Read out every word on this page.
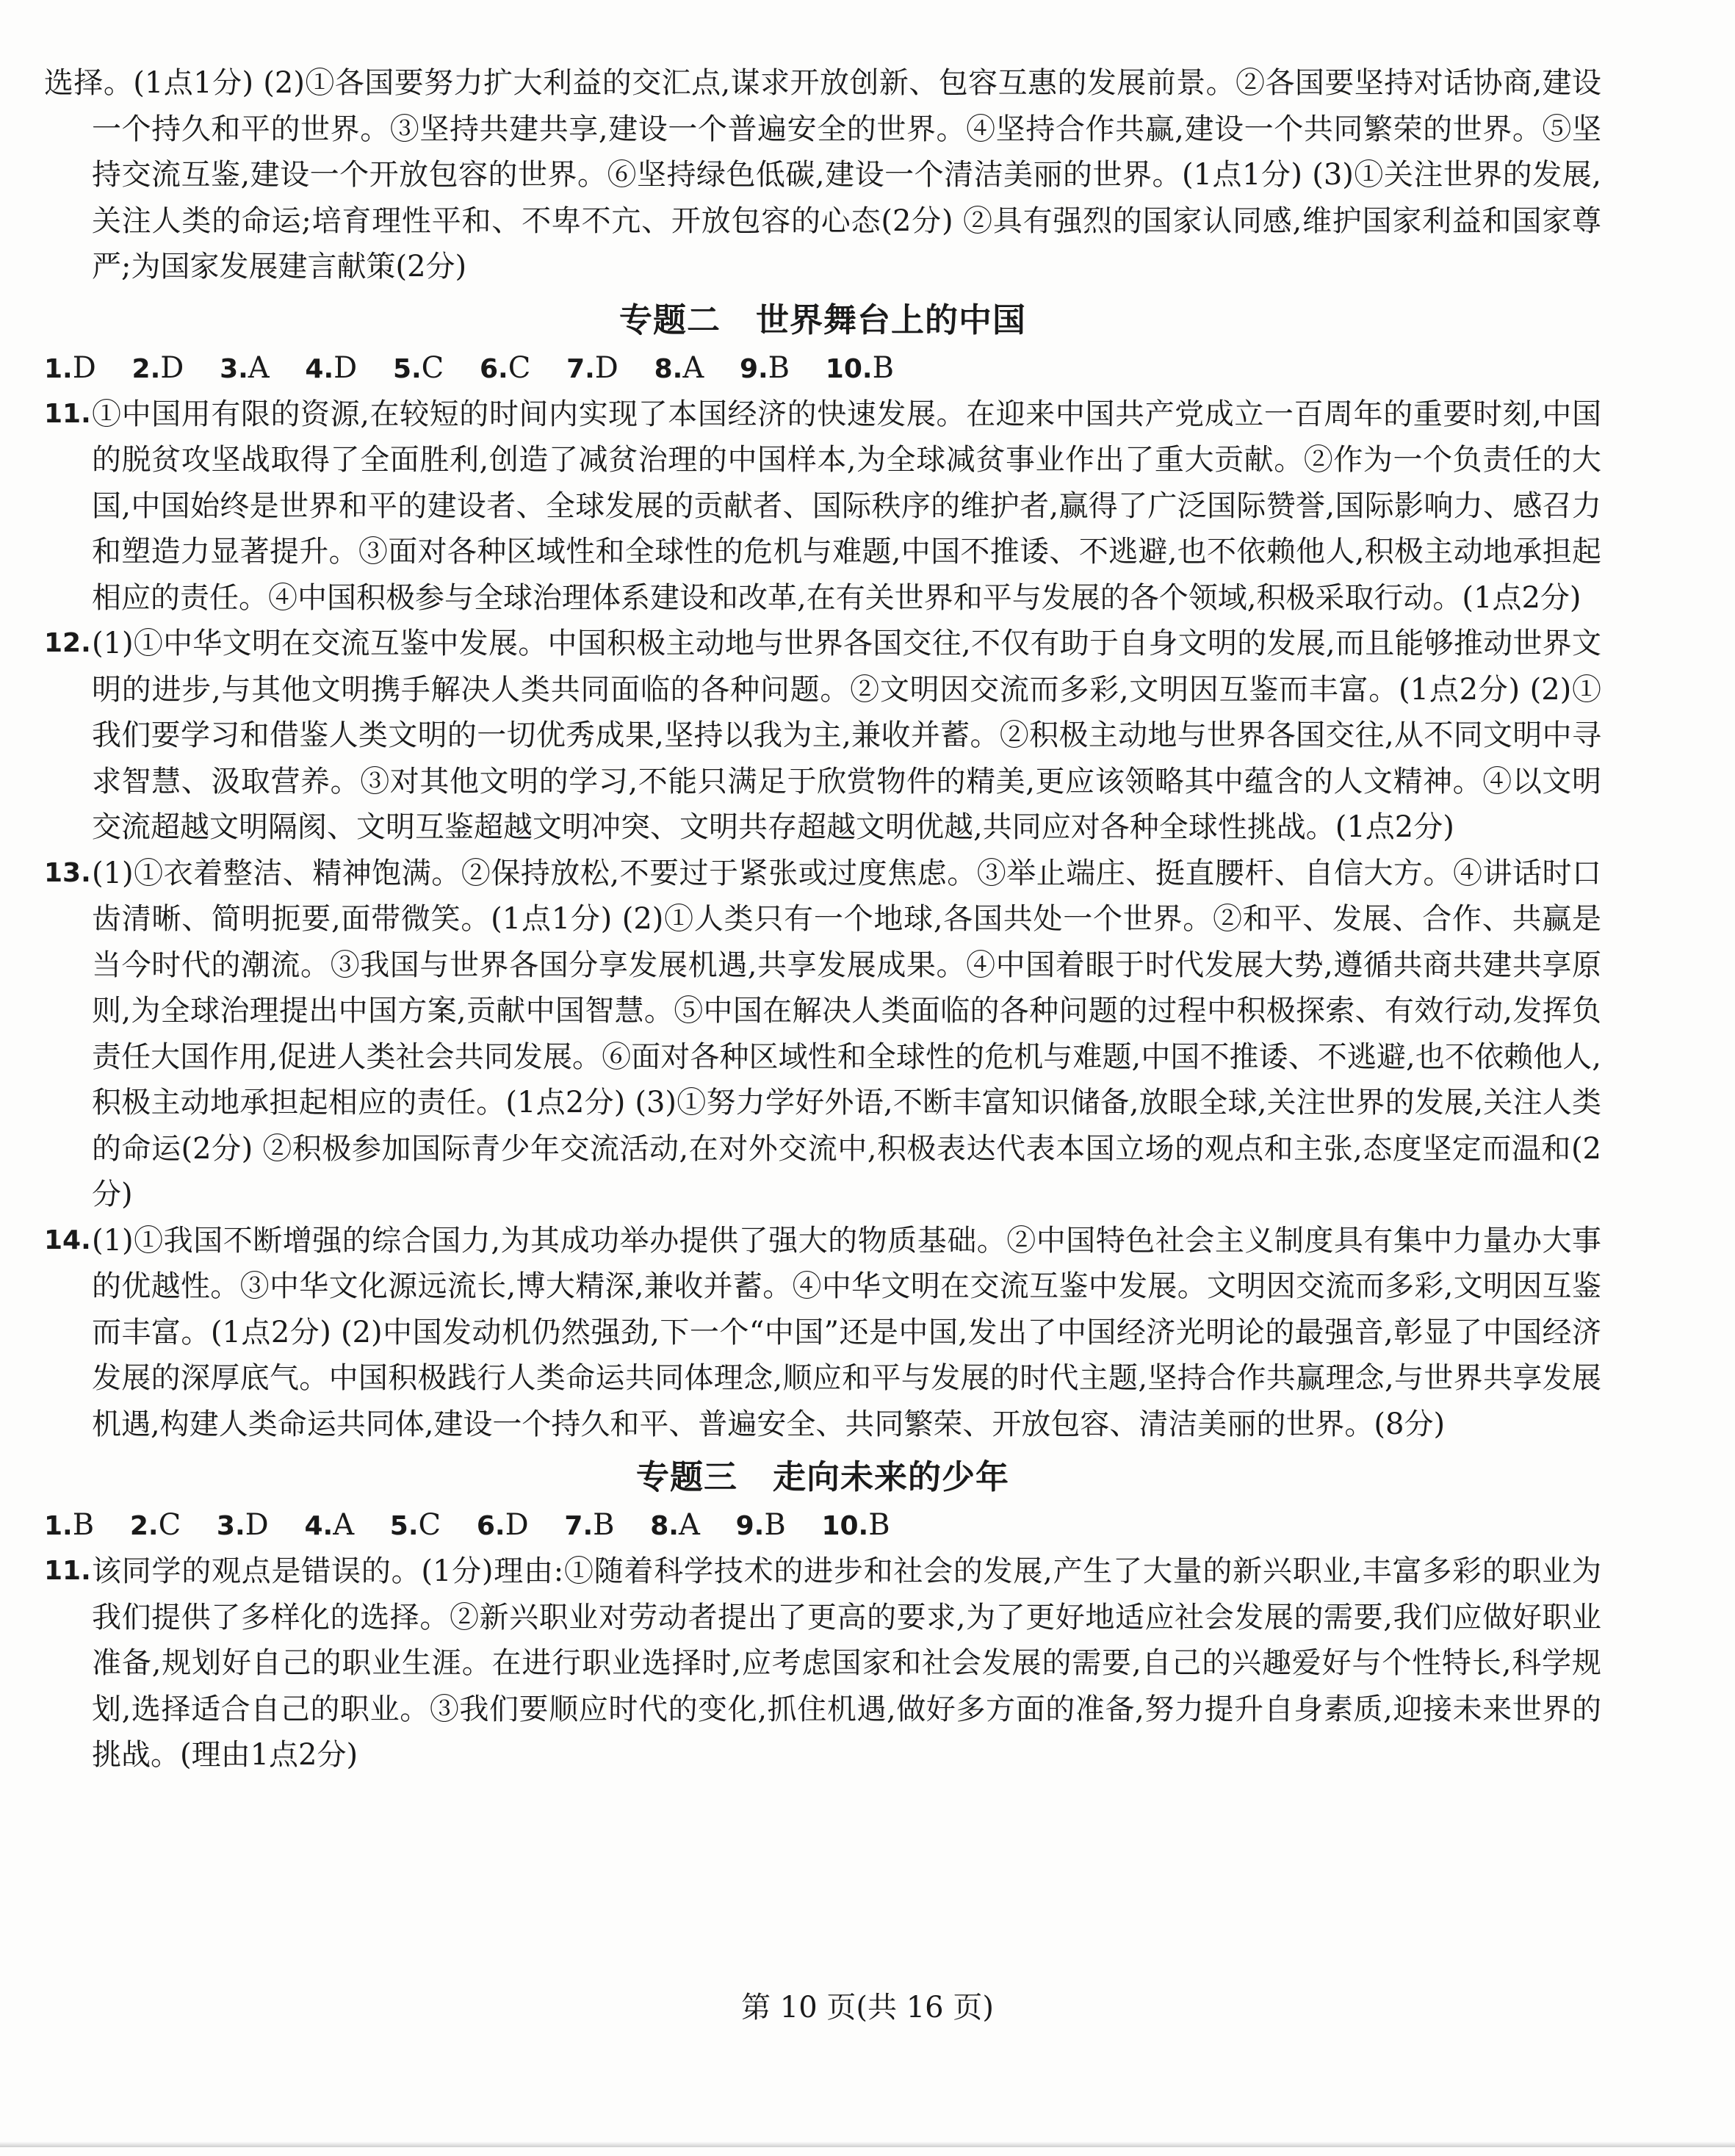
选择。(1点1分) (2)①各国要努力扩大利益的交汇点,谋求开放创新、包容互惠的发展前景。②各国要坚持对话协商,建设一个持久和平的世界。③坚持共建共享,建设一个普遍安全的世界。④坚持合作共赢,建设一个共同繁荣的世界。⑤坚持交流互鉴,建设一个开放包容的世界。⑥坚持绿色低碳,建设一个清洁美丽的世界。(1点1分) (3)①关注世界的发展,关注人类的命运;培育理性平和、不卑不亢、开放包容的心态(2分) ②具有强烈的国家认同感,维护国家利益和国家尊严;为国家发展建言献策(2分)

专题二 世界舞台上的中国
1.D 2.D 3.A 4.D 5.C 6.C 7.D 8.A 9.B 10.B
11. ①中国用有限的资源,在较短的时间内实现了本国经济的快速发展。在迎来中国共产党成立一百周年的重要时刻,中国的脱贫攻坚战取得了全面胜利,创造了减贫治理的中国样本,为全球减贫事业作出了重大贡献。②作为一个负责任的大国,中国始终是世界和平的建设者、全球发展的贡献者、国际秩序的维护者,赢得了广泛国际赞誉,国际影响力、感召力和塑造力显著提升。③面对各种区域性和全球性的危机与难题,中国不推诿、不逃避,也不依赖他人,积极主动地承担起相应的责任。④中国积极参与全球治理体系建设和改革,在有关世界和平与发展的各个领域,积极采取行动。(1点2分)
12. (1)①中华文明在交流互鉴中发展。中国积极主动地与世界各国交往,不仅有助于自身文明的发展,而且能够推动世界文明的进步,与其他文明携手解决人类共同面临的各种问题。②文明因交流而多彩,文明因互鉴而丰富。(1点2分) (2)①我们要学习和借鉴人类文明的一切优秀成果,坚持以我为主,兼收并蓄。②积极主动地与世界各国交往,从不同文明中寻求智慧、汲取营养。③对其他文明的学习,不能只满足于欣赏物件的精美,更应该领略其中蕴含的人文精神。④以文明交流超越文明隔阂、文明互鉴超越文明冲突、文明共存超越文明优越,共同应对各种全球性挑战。(1点2分)
13. (1)①衣着整洁、精神饱满。②保持放松,不要过于紧张或过度焦虑。③举止端庄、挺直腰杆、自信大方。④讲话时口齿清晰、简明扼要,面带微笑。(1点1分) (2)①人类只有一个地球,各国共处一个世界。②和平、发展、合作、共赢是当今时代的潮流。③我国与世界各国分享发展机遇,共享发展成果。④中国着眼于时代发展大势,遵循共商共建共享原则,为全球治理提出中国方案,贡献中国智慧。⑤中国在解决人类面临的各种问题的过程中积极探索、有效行动,发挥负责任大国作用,促进人类社会共同发展。⑥面对各种区域性和全球性的危机与难题,中国不推诿、不逃避,也不依赖他人,积极主动地承担起相应的责任。(1点2分) (3)①努力学好外语,不断丰富知识储备,放眼全球,关注世界的发展,关注人类的命运(2分) ②积极参加国际青少年交流活动,在对外交流中,积极表达代表本国立场的观点和主张,态度坚定而温和(2分)
14. (1)①我国不断增强的综合国力,为其成功举办提供了强大的物质基础。②中国特色社会主义制度具有集中力量办大事的优越性。③中华文化源远流长,博大精深,兼收并蓄。④中华文明在交流互鉴中发展。文明因交流而多彩,文明因互鉴而丰富。(1点2分) (2)中国发动机仍然强劲,下一个“中国”还是中国,发出了中国经济光明论的最强音,彰显了中国经济发展的深厚底气。中国积极践行人类命运共同体理念,顺应和平与发展的时代主题,坚持合作共赢理念,与世界共享发展机遇,构建人类命运共同体,建设一个持久和平、普遍安全、共同繁荣、开放包容、清洁美丽的世界。(8分)
专题三 走向未来的少年
1.B 2.C 3.D 4.A 5.C 6.D 7.B 8.A 9.B 10.B
11. 该同学的观点是错误的。(1分)理由:①随着科学技术的进步和社会的发展,产生了大量的新兴职业,丰富多彩的职业为我们提供了多样化的选择。②新兴职业对劳动者提出了更高的要求,为了更好地适应社会发展的需要,我们应做好职业准备,规划好自己的职业生涯。在进行职业选择时,应考虑国家和社会发展的需要,自己的兴趣爱好与个性特长,科学规划,选择适合自己的职业。③我们要顺应时代的变化,抓住机遇,做好多方面的准备,努力提升自身素质,迎接未来世界的挑战。(理由1点2分)
第 10 页(共 16 页)
